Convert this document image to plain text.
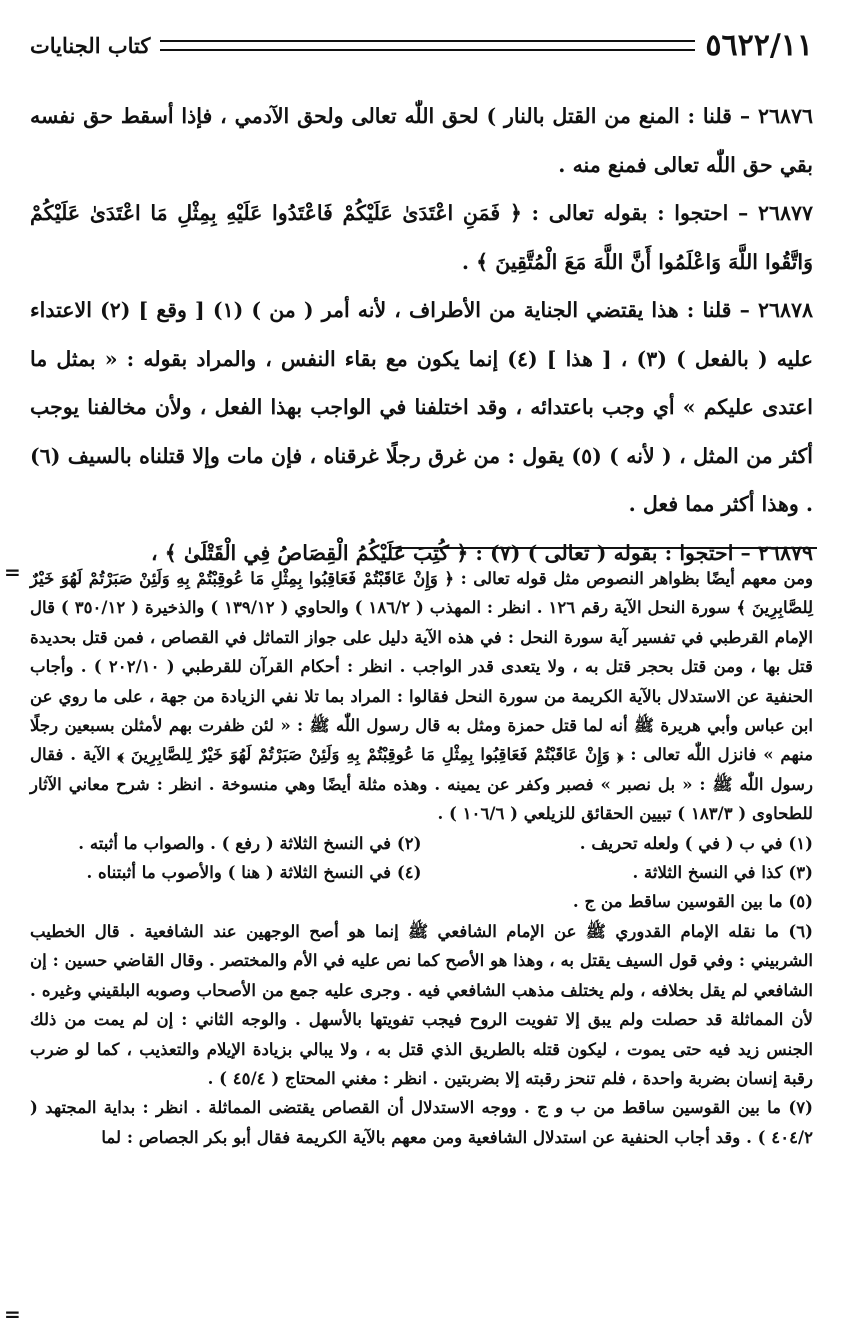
٥٦٢٢/١١
كتاب الجنايات

٢٦٨٧٦ – قلنا : المنع من القتل بالنار ) لحق اللّٰه تعالى ولحق الآدمي ، فإذا أسقط حق نفسه بقي حق اللّٰه تعالى فمنع منه .

٢٦٨٧٧ – احتجوا : بقوله تعالى : ﴿ فَمَنِ اعْتَدَىٰ عَلَيْكُمْ فَاعْتَدُوا عَلَيْهِ بِمِثْلِ مَا اعْتَدَىٰ عَلَيْكُمْ وَاتَّقُوا اللَّهَ وَاعْلَمُوا أَنَّ اللَّهَ مَعَ الْمُتَّقِينَ ﴾ .

٢٦٨٧٨ – قلنا : هذا يقتضي الجناية من الأطراف ، لأنه أمر ( من ) (١) [ وقع ] (٢) الاعتداء عليه ( بالفعل ) (٣) ، [ هذا ] (٤) إنما يكون مع بقاء النفس ، والمراد بقوله : « بمثل ما اعتدى عليكم » أي وجب باعتدائه ، وقد اختلفنا في الواجب بهذا الفعل ، ولأن مخالفنا يوجب أكثر من المثل ، ( لأنه ) (٥) يقول : من غرق رجلًا غرقناه ، فإن مات وإلا قتلناه بالسيف (٦) . وهذا أكثر مما فعل .

٢٦٨٧٩ – احتجوا : بقوله ( تعالى ) (٧) : ﴿ كُتِبَ عَلَيْكُمُ الْقِصَاصُ فِي الْقَتْلَىٰ ﴾ ،

= ومن معهم أيضًا بظواهر النصوص مثل قوله تعالى : ﴿ وَإِنْ عَاقَبْتُمْ فَعَاقِبُوا بِمِثْلِ مَا عُوقِبْتُمْ بِهِ وَلَئِنْ صَبَرْتُمْ لَهُوَ خَيْرٌ لِلصَّابِرِينَ ﴾ سورة النحل الآية رقم ١٢٦ . انظر : المهذب ( ١٨٦/٢ ) والحاوي ( ١٣٩/١٢ ) والذخيرة ( ٣٥٠/١٢ ) قال الإمام القرطبي في تفسير آية سورة النحل : في هذه الآية دليل على جواز التماثل في القصاص ، فمن قتل بحديدة قتل بها ، ومن قتل بحجر قتل به ، ولا يتعدى قدر الواجب . انظر : أحكام القرآن للقرطبي ( ٢٠٢/١٠ ) . وأجاب الحنفية عن الاستدلال بالآية الكريمة من سورة النحل فقالوا : المراد بما تلا نفي الزيادة من جهة ، على ما روي عن ابن عباس وأبي هريرة ﷺ أنه لما قتل حمزة ومثل به قال رسول اللّٰه ﷺ : « لئن ظفرت بهم لأمثلن بسبعين رجلًا منهم » فانزل اللّٰه تعالى : ﴿ وَإِنْ عَاقَبْتُمْ فَعَاقِبُوا بِمِثْلِ مَا عُوقِبْتُمْ بِهِ وَلَئِنْ صَبَرْتُمْ لَهُوَ خَيْرٌ لِلصَّابِرِينَ ﴾ الآية . فقال رسول اللّٰه ﷺ : « بل نصبر » فصبر وكفر عن يمينه . وهذه مثلة أيضًا وهي منسوخة . انظر : شرح معاني الآثار للطحاوى ( ١٨٣/٣ ) تبيين الحقائق للزيلعي ( ١٠٦/٦ ) .

(١) في ب ( في ) ولعله تحريف .

(٢) في النسخ الثلاثة ( رفع ) . والصواب ما أثبته .

(٣) كذا في النسخ الثلاثة .

(٤) في النسخ الثلاثة ( هنا ) والأصوب ما أثبتناه .

(٥) ما بين القوسين ساقط من ج .

(٦) ما نقله الإمام القدوري ﷺ عن الإمام الشافعي ﷺ إنما هو أصح الوجهين عند الشافعية . قال الخطيب الشربيني : وفي قول السيف يقتل به ، وهذا هو الأصح كما نص عليه في الأم والمختصر . وقال القاضي حسين : إن الشافعي لم يقل بخلافه ، ولم يختلف مذهب الشافعي فيه . وجرى عليه جمع من الأصحاب وصوبه البلقيني وغيره . لأن المماثلة قد حصلت ولم يبق إلا تفويت الروح فيجب تفويتها بالأسهل . والوجه الثاني : إن لم يمت من ذلك الجنس زيد فيه حتى يموت ، ليكون قتله بالطريق الذي قتل به ، ولا يبالي بزيادة الإيلام والتعذيب ، كما لو ضرب رقبة إنسان بضربة واحدة ، فلم تنحز رقبته إلا بضربتين . انظر : مغني المحتاج ( ٤٥/٤ ) .

(٧) ما بين القوسين ساقط من ب و ج . ووجه الاستدلال أن القصاص يقتضى المماثلة . انظر : بداية المجتهد ( ٤٠٤/٢ ) . وقد أجاب الحنفية عن استدلال الشافعية ومن معهم بالآية الكريمة فقال أبو بكر الجصاص : لما

=
